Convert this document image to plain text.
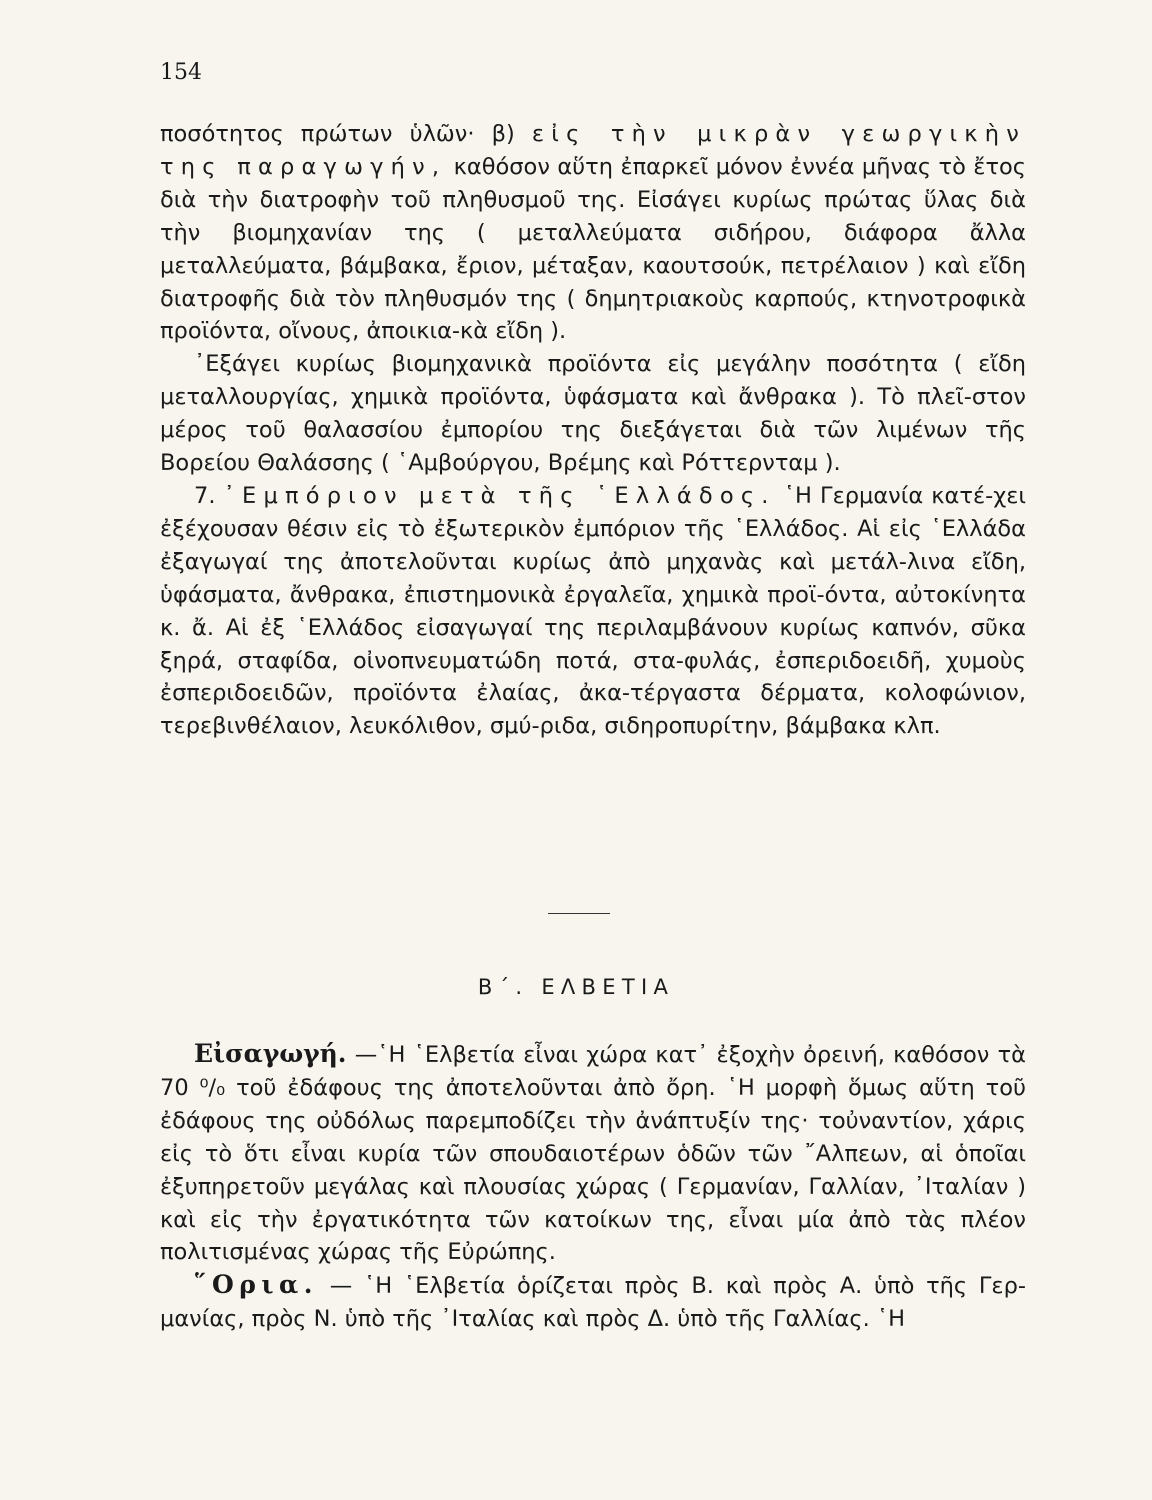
154

ποσότητος πρώτων ὑλῶν· β) εἰς τὴν μικρὰν γεωργικὴν της παραγωγήν, καθόσον αὕτη ἐπαρκεῖ μόνον ἐννέα μῆνας τὸ ἔτος διὰ τὴν διατροφὴν τοῦ πληθυσμοῦ της. Εἰσάγει κυρίως πρώτας ὕλας διὰ τὴν βιομηχανίαν της ( μεταλλεύματα σιδήρου, διάφορα ἄλλα μεταλλεύματα, βάμβακα, ἔριον, μέταξαν, καουτσούκ, πετρέλαιον ) καὶ εἴδη διατροφῆς διὰ τὸν πληθυσμόν της ( δημητριακοὺς καρπούς, κτηνοτροφικὰ προϊόντα, οἴνους, ἀποικια-κὰ εἴδη ).

᾿Εξάγει κυρίως βιομηχανικὰ προϊόντα εἰς μεγάλην ποσότητα ( εἴδη μεταλλουργίας, χημικὰ προϊόντα, ὑφάσματα καὶ ἄνθρακα ). Τὸ πλεῖ-στον μέρος τοῦ θαλασσίου ἐμπορίου της διεξάγεται διὰ τῶν λιμένων τῆς Βορείου Θαλάσσης ( ῾Αμβούργου, Βρέμης καὶ Ρόττερνταμ ).

7. ᾿Εμπόριον μετὰ τῆς ῾Ελλάδος. ῾Η Γερμανία κατέ-χει ἐξέχουσαν θέσιν εἰς τὸ ἐξωτερικὸν ἐμπόριον τῆς ῾Ελλάδος. Αἱ εἰς ῾Ελλάδα ἐξαγωγαί της ἀποτελοῦνται κυρίως ἀπὸ μηχανὰς καὶ μετάλ-λινα εἴδη, ὑφάσματα, ἄνθρακα, ἐπιστημονικὰ ἐργαλεῖα, χημικὰ προϊ-όντα, αὐτοκίνητα κ. ἄ. Αἱ ἐξ ῾Ελλάδος εἰσαγωγαί της περιλαμβάνουν κυρίως καπνόν, σῦκα ξηρά, σταφίδα, οἰνοπνευματώδη ποτά, στα-φυλάς, ἐσπεριδοειδῆ, χυμοὺς ἐσπεριδοειδῶν, προϊόντα ἐλαίας, ἀκα-τέργαστα δέρματα, κολοφώνιον, τερεβινθέλαιον, λευκόλιθον, σμύ-ριδα, σιδηροπυρίτην, βάμβακα κλπ.

Β΄. ΕΛΒΕΤΙΑ

Εἰσαγωγή. —῾Η ῾Ελβετία εἶναι χώρα κατ᾽ ἐξοχὴν ὀρεινή, καθόσον τὰ 70 ⁰/₀ τοῦ ἐδάφους της ἀποτελοῦνται ἀπὸ ὄρη. ῾Η μορφὴ ὅμως αὕτη τοῦ ἐδάφους της οὐδόλως παρεμποδίζει τὴν ἀνάπτυξίν της· τοὐναντίον, χάρις εἰς τὸ ὅτι εἶναι κυρία τῶν σπουδαιοτέρων ὁδῶν τῶν ῎Αλπεων, αἱ ὁποῖαι ἐξυπηρετοῦν μεγάλας καὶ πλουσίας χώρας ( Γερμανίαν, Γαλλίαν, ᾿Ιταλίαν ) καὶ εἰς τὴν ἐργατικότητα τῶν κατοίκων της, εἶναι μία ἀπὸ τὰς πλέον πολιτισμένας χώρας τῆς Εὐρώπης.

῞Ορια. — ῾Η ῾Ελβετία ὁρίζεται πρὸς Β. καὶ πρὸς Α. ὑπὸ τῆς Γερ-μανίας, πρὸς Ν. ὑπὸ τῆς ᾿Ιταλίας καὶ πρὸς Δ. ὑπὸ τῆς Γαλλίας. ῾Η
